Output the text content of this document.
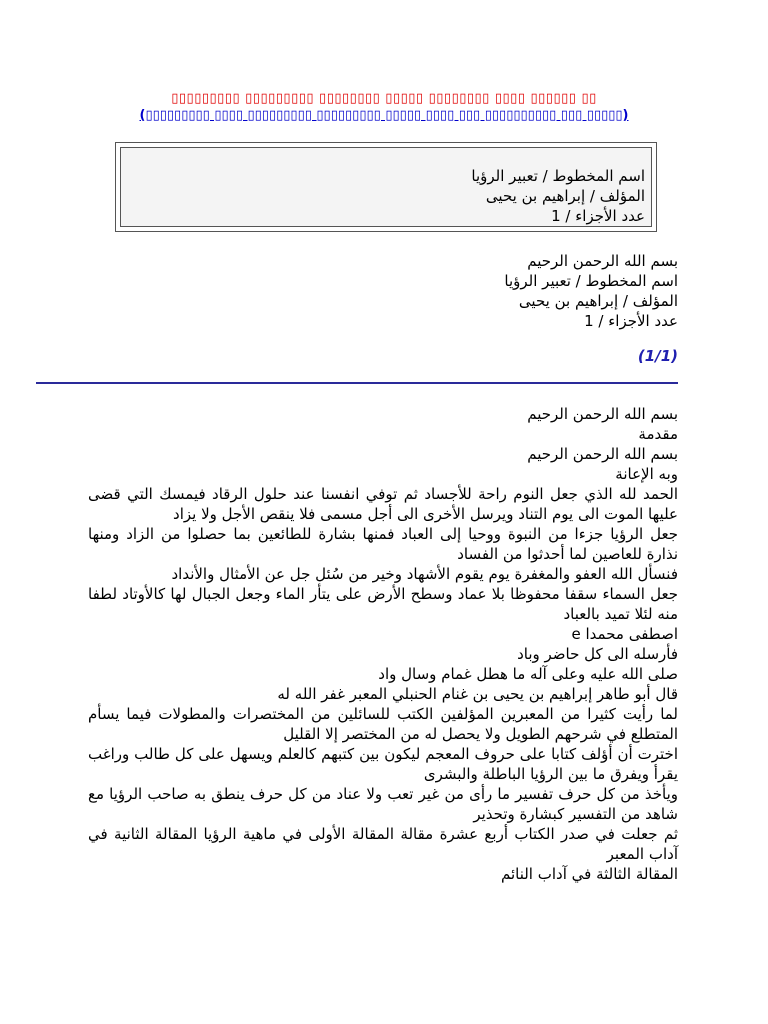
▯▯▯▯▯▯▯▯▯ ▯▯▯▯▯▯▯▯▯ ▯▯▯▯▯▯▯▯ ▯▯▯▯▯ ▯▯▯▯▯▯▯▯ ▯▯▯▯ ▯▯▯▯▯▯ ▯▯
(▯▯▯▯▯▯▯▯▯ ▯▯▯▯ ▯▯▯▯▯▯▯▯▯ ▯▯▯▯▯▯▯▯▯ ▯▯▯▯▯ ▯▯▯▯ ▯▯▯ ▯▯▯▯▯▯▯▯▯▯ ▯▯▯ ▯▯▯▯▯)
اسم المخطوط / تعبير الرؤيا
المؤلف / إبراهيم بن يحيى
عدد الأجزاء / 1
بسم الله الرحمن الرحيم
اسم المخطوط / تعبير الرؤيا
المؤلف / إبراهيم بن يحيى
عدد الأجزاء / 1
(1/1)
بسم الله الرحمن الرحيم
مقدمة
بسم الله الرحمن الرحيم
وبه الإعانة
الحمد لله الذي جعل النوم راحة للأجساد ثم توفي انفسنا عند حلول الرقاد فيمسك التي قضى عليها الموت الى يوم التناد ويرسل الأخرى الى أجل مسمى فلا ينقص الأجل ولا يزاد
جعل الرؤيا جزءا من النبوة ووحيا إلى العباد فمنها بشارة للطائعين بما حصلوا من الزاد ومنها نذارة للعاصين لما أحدثوا من الفساد
فنسأل الله العفو والمغفرة يوم يقوم الأشهاد وخير من سُئل جل عن الأمثال والأنداد
جعل السماء سقفا محفوظا بلا عماد وسطح الأرض على يتأر الماء وجعل الجبال لها كالأوتاد لطفا منه لئلا تميد بالعباد
اصطفى محمدا e
فأرسله الى كل حاضر وباد
صلى الله عليه وعلى آله ما هطل غمام وسال واد
قال أبو طاهر إبراهيم بن يحيى بن غنام الحنبلي المعبر غفر الله له
لما رأيت كثيرا من المعبرين المؤلفين الكتب للسائلين من المختصرات والمطولات فيما يسأم المتطلع في شرحهم الطويل ولا يحصل له من المختصر إلا القليل
اخترت أن أؤلف كتابا على حروف المعجم ليكون بين كتبهم كالعلم ويسهل على كل طالب وراغب يقرأ ويفرق ما بين الرؤيا الباطلة والبشرى
ويأخذ من كل حرف تفسير ما رأى من غير تعب ولا عناد من كل حرف ينطق به صاحب الرؤيا مع شاهد من التفسير كبشارة وتحذير
ثم جعلت في صدر الكتاب أربع عشرة مقالة المقالة الأولى في ماهية الرؤيا المقالة الثانية في آداب المعبر
المقالة الثالثة في آداب النائم
